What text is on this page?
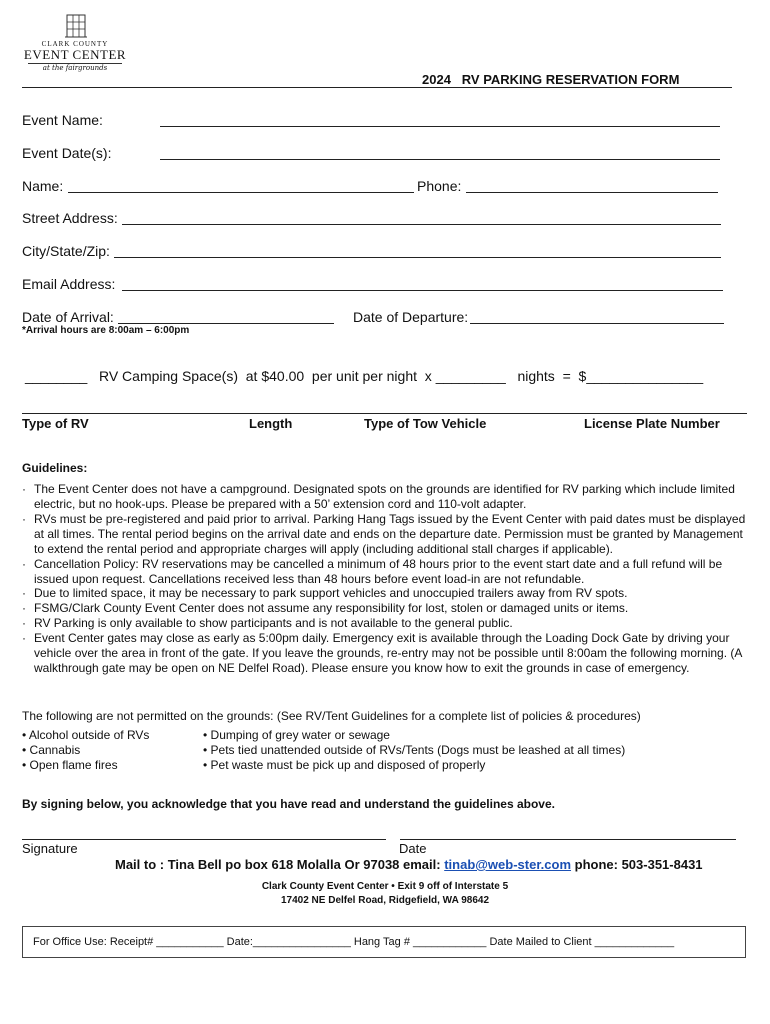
CLARK COUNTY
EVENT CENTER
at the fairgrounds
2024   RV PARKING RESERVATION FORM
Event Name:
Event Date(s):
Name:	Phone:
Street Address:
City/State/Zip:
Email Address:
Date of Arrival:	Date of Departure:
*Arrival hours are 8:00am – 6:00pm
________ RV Camping Space(s)  at $40.00  per unit per night  x _________ nights  =  $_______________
Type of RV	Length	Type of Tow Vehicle	License Plate Number
Guidelines:
· The Event Center does not have a campground. Designated spots on the grounds are identified for RV parking which include limited electric, but no hook-ups. Please be prepared with a 50’ extension cord and 110-volt adapter.
· RVs must be pre-registered and paid prior to arrival. Parking Hang Tags issued by the Event Center with paid dates must be displayed at all times. The rental period begins on the arrival date and ends on the departure date. Permission must be granted by Management to extend the rental period and appropriate charges will apply (including additional stall charges if applicable).
· Cancellation Policy: RV reservations may be cancelled a minimum of 48 hours prior to the event start date and a full refund will be issued upon request. Cancellations received less than 48 hours before event load-in are not refundable.
· Due to limited space, it may be necessary to park support vehicles and unoccupied trailers away from RV spots.
· FSMG/Clark County Event Center does not assume any responsibility for lost, stolen or damaged units or items.
· RV Parking is only available to show participants and is not available to the general public.
· Event Center gates may close as early as 5:00pm daily. Emergency exit is available through the Loading Dock Gate by driving your vehicle over the area in front of the gate. If you leave the grounds, re-entry may not be possible until 8:00am the following morning. (A walkthrough gate may be open on NE Delfel Road). Please ensure you know how to exit the grounds in case of emergency.
The following are not permitted on the grounds: (See RV/Tent Guidelines for a complete list of policies & procedures)
• Alcohol outside of RVs
• Cannabis
• Open flame fires
• Dumping of grey water or sewage
• Pets tied unattended outside of RVs/Tents (Dogs must be leashed at all times)
• Pet waste must be pick up and disposed of properly
By signing below, you acknowledge that you have read and understand the guidelines above.
Signature	Date
Mail to : Tina Bell po box 618 Molalla Or 97038 email: tinab@web-ster.com phone: 503-351-8431
Clark County Event Center • Exit 9 off of Interstate 5
17402 NE Delfel Road, Ridgefield, WA 98642
For Office Use: Receipt# ___________ Date:________________ Hang Tag # ____________ Date Mailed to Client _____________
